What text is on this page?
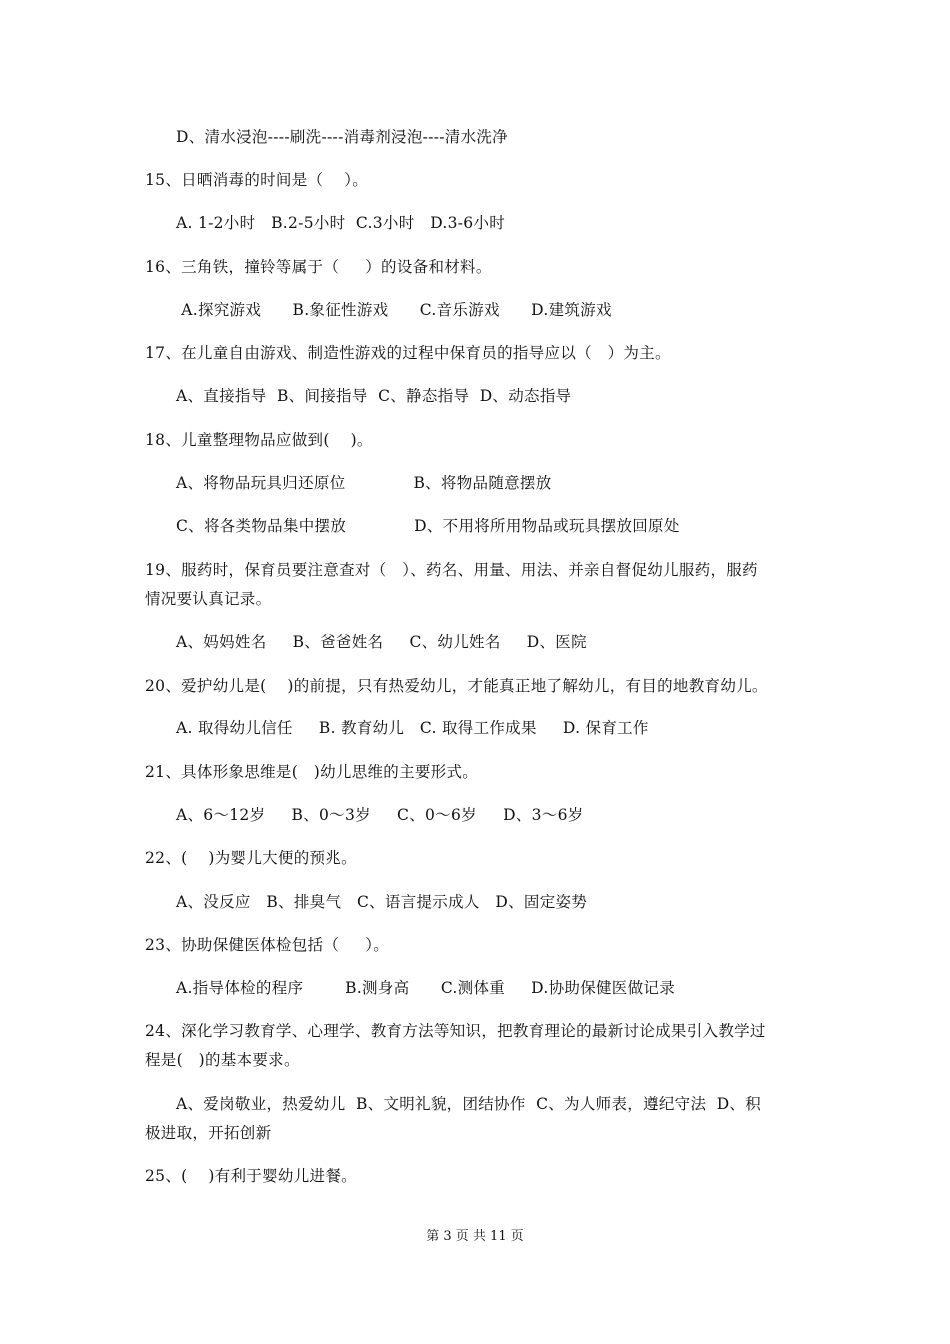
D、清水浸泡----刷洗----消毒剂浸泡----清水洗净
15、日晒消毒的时间是（    ）。
A. 1-2小时   B.2-5小时  C.3小时   D.3-6小时
16、三角铁，撞铃等属于（     ）的设备和材料。
A.探究游戏      B.象征性游戏      C.音乐游戏      D.建筑游戏
17、在儿童自由游戏、制造性游戏的过程中保育员的指导应以（   ）为主。
A、直接指导  B、间接指导  C、静态指导  D、动态指导
18、儿童整理物品应做到(    )。
A、将物品玩具归还原位             B、将物品随意摆放
C、将各类物品集中摆放             D、不用将所用物品或玩具摆放回原处
19、服药时，保育员要注意查对（   ）、药名、用量、用法、并亲自督促幼儿服药，服药
情况要认真记录。
A、妈妈姓名     B、爸爸姓名     C、幼儿姓名     D、医院
20、爱护幼儿是(    )的前提，只有热爱幼儿，才能真正地了解幼儿，有目的地教育幼儿。
A. 取得幼儿信任     B. 教育幼儿   C. 取得工作成果     D. 保育工作
21、具体形象思维是(   )幼儿思维的主要形式。
A、6～12岁     B、0～3岁     C、0～6岁     D、3～6岁
22、(    )为婴儿大便的预兆。
A、没反应   B、排臭气   C、语言提示成人   D、固定姿势
23、协助保健医体检包括（     ）。
A.指导体检的程序        B.测身高      C.测体重     D.协助保健医做记录
24、深化学习教育学、心理学、教育方法等知识，把教育理论的最新讨论成果引入教学过
程是(   )的基本要求。
A、爱岗敬业，热爱幼儿  B、文明礼貌，团结协作  C、为人师表，遵纪守法  D、积
极进取，开拓创新
25、(    )有利于婴幼儿进餐。
第 3 页 共 11 页
